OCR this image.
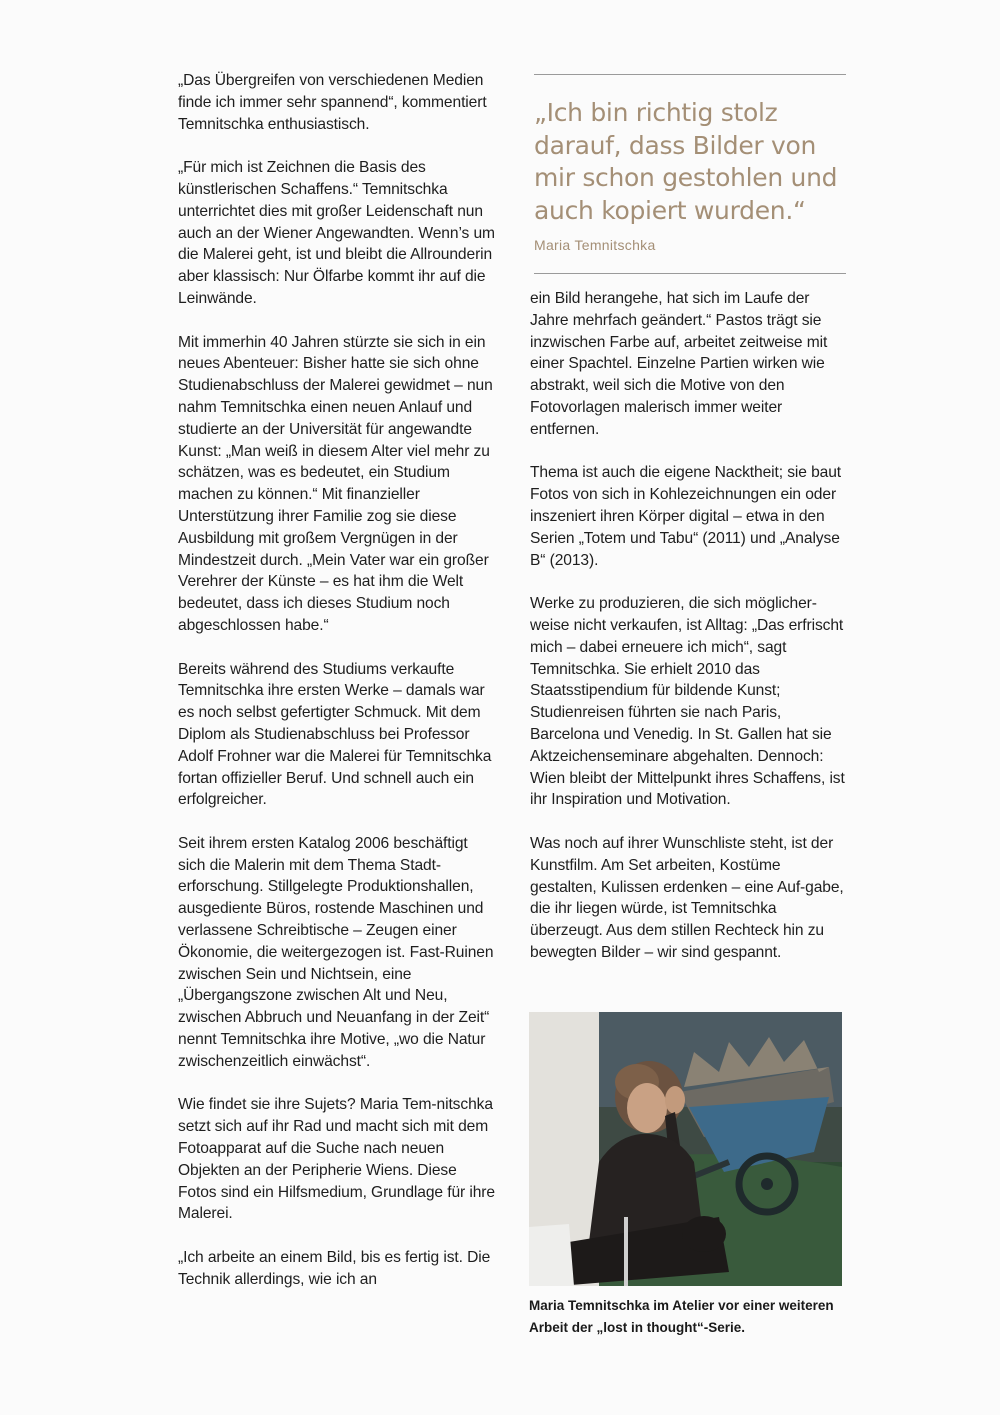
„Das Übergreifen von verschiedenen Medien finde ich immer sehr spannend“, kommentiert Temnitschka enthusiastisch.

„Für mich ist Zeichnen die Basis des künstlerischen Schaffens.“ Temnitschka unterrichtet dies mit großer Leidenschaft nun auch an der Wiener Angewandten. Wenn’s um die Malerei geht, ist und bleibt die Allrounderin aber klassisch: Nur Ölfarbe kommt ihr auf die Leinwände.

Mit immerhin 40 Jahren stürzte sie sich in ein neues Abenteuer: Bisher hatte sie sich ohne Studienabschluss der Malerei gewidmet – nun nahm Temnitschka einen neuen Anlauf und studierte an der Universität für angewandte Kunst: „Man weiß in diesem Alter viel mehr zu schätzen, was es bedeutet, ein Studium machen zu können.“ Mit finanzieller Unterstützung ihrer Familie zog sie diese Ausbildung mit großem Vergnügen in der Mindestzeit durch. „Mein Vater war ein großer Verehrer der Künste – es hat ihm die Welt bedeutet, dass ich dieses Studium noch abgeschlossen habe.“

Bereits während des Studiums verkaufte Temnitschka ihre ersten Werke – damals war es noch selbst gefertigter Schmuck. Mit dem Diplom als Studienabschluss bei Professor Adolf Frohner war die Malerei für Temnitschka fortan offizieller Beruf. Und schnell auch ein erfolgreicher.

Seit ihrem ersten Katalog 2006 beschäftigt sich die Malerin mit dem Thema Stadt-erforschung. Stillgelegte Produktionshallen, ausgediente Büros, rostende Maschinen und verlassene Schreibtische – Zeugen einer Ökonomie, die weitergezogen ist. Fast-Ruinen zwischen Sein und Nichtsein, eine „Übergangszone zwischen Alt und Neu, zwischen Abbruch und Neuanfang in der Zeit“ nennt Temnitschka ihre Motive, „wo die Natur zwischenzeitlich einwächst“.

Wie findet sie ihre Sujets? Maria Tem-nitschka setzt sich auf ihr Rad und macht sich mit dem Fotoapparat auf die Suche nach neuen Objekten an der Peripherie Wiens. Diese Fotos sind ein Hilfsmedium, Grundlage für ihre Malerei.

„Ich arbeite an einem Bild, bis es fertig ist. Die Technik allerdings, wie ich an

„Ich bin richtig stolz darauf, dass Bilder von mir schon gestohlen und auch kopiert wurden.“

Maria Temnitschka

ein Bild herangehe, hat sich im Laufe der Jahre mehrfach geändert.“ Pastos trägt sie inzwischen Farbe auf, arbeitet zeitweise mit einer Spachtel. Einzelne Partien wirken wie abstrakt, weil sich die Motive von den Fotovorlagen malerisch immer weiter entfernen.

Thema ist auch die eigene Nacktheit; sie baut Fotos von sich in Kohlezeichnungen ein oder inszeniert ihren Körper digital – etwa in den Serien „Totem und Tabu“ (2011) und „Analyse B“ (2013).

Werke zu produzieren, die sich möglicher-weise nicht verkaufen, ist Alltag: „Das erfrischt mich – dabei erneuere ich mich“, sagt Temnitschka. Sie erhielt 2010 das Staatsstipendium für bildende Kunst; Studienreisen führten sie nach Paris, Barcelona und Venedig. In St. Gallen hat sie Aktzeichenseminare abgehalten. Dennoch: Wien bleibt der Mittelpunkt ihres Schaffens, ist ihr Inspiration und Motivation.

Was noch auf ihrer Wunschliste steht, ist der Kunstfilm. Am Set arbeiten, Kostüme gestalten, Kulissen erdenken – eine Auf-gabe, die ihr liegen würde, ist Temnitschka überzeugt. Aus dem stillen Rechteck hin zu bewegten Bilder – wir sind gespannt.

Maria Temnitschka im Atelier vor einer weiteren Arbeit der „lost in thought“-Serie.
